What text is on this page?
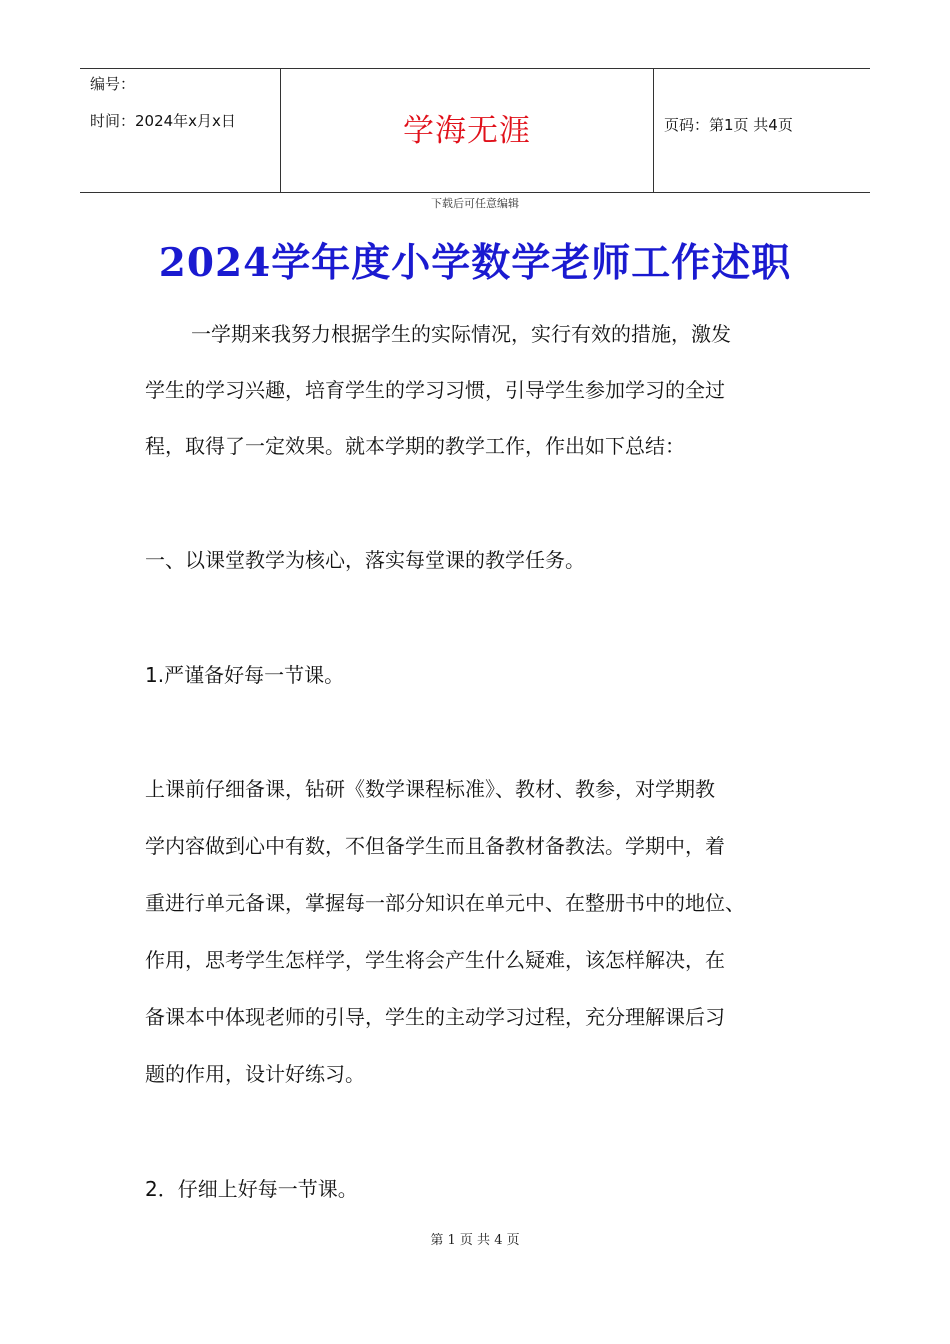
编号：
时间：2024年x月x日	学海无涯	页码：第1页 共4页
下载后可任意编辑
2024学年度小学数学老师工作述职
一学期来我努力根据学生的实际情况，实行有效的措施，激发
学生的学习兴趣，培育学生的学习习惯，引导学生参加学习的全过
程，取得了一定效果。就本学期的教学工作，作出如下总结：
一、以课堂教学为核心，落实每堂课的教学任务。
1.严谨备好每一节课。
上课前仔细备课，钻研《数学课程标准》、教材、教参，对学期教
学内容做到心中有数，不但备学生而且备教材备教法。学期中，着
重进行单元备课，掌握每一部分知识在单元中、在整册书中的地位、
作用，思考学生怎样学，学生将会产生什么疑难，该怎样解决，在
备课本中体现老师的引导，学生的主动学习过程，充分理解课后习
题的作用，设计好练习。
2．仔细上好每一节课。
第 1 页 共 4 页
